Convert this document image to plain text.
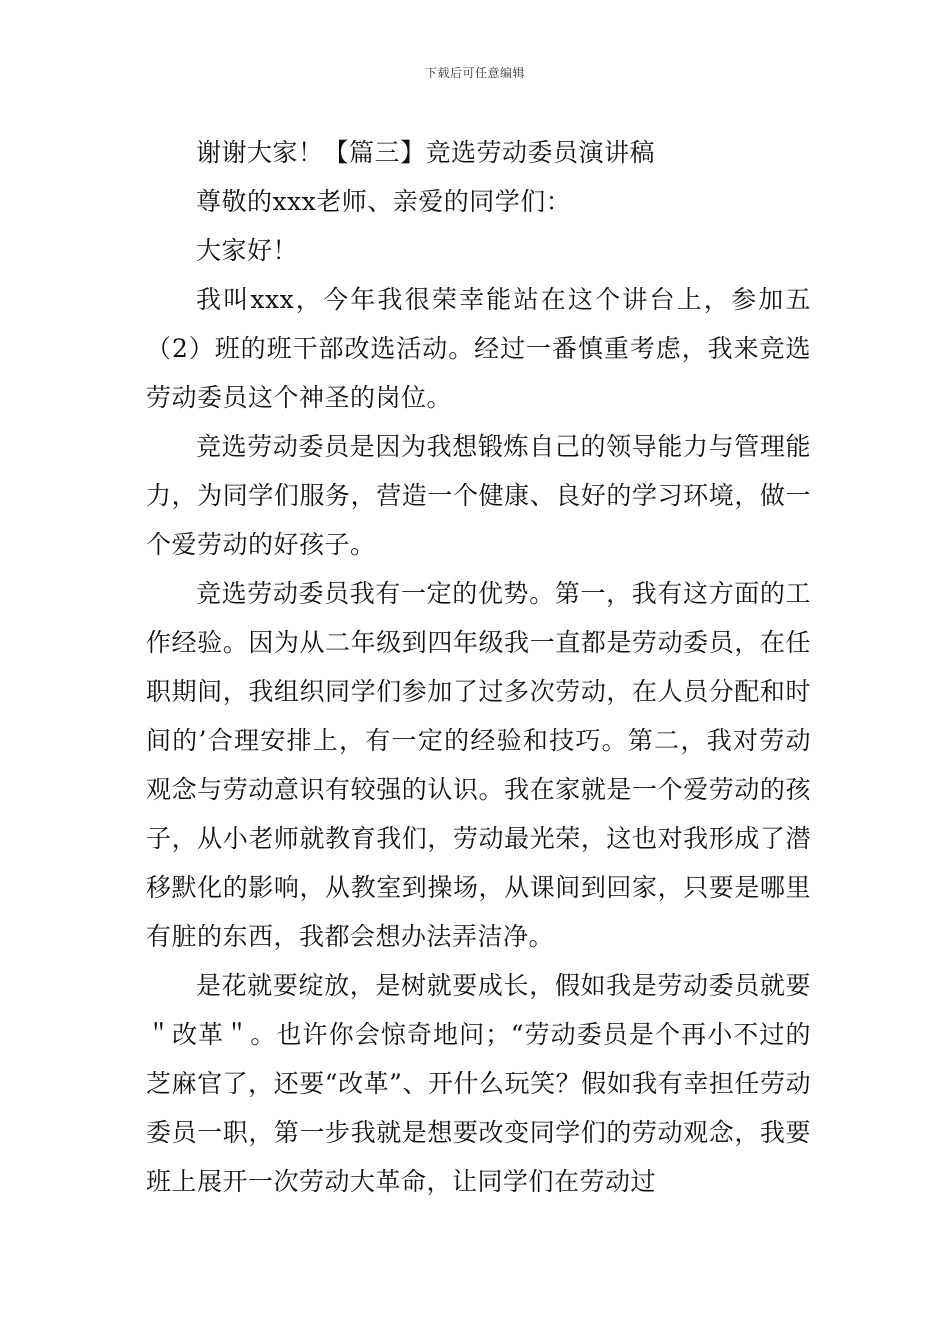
下载后可任意编辑

谢谢大家！【篇三】竞选劳动委员演讲稿

尊敬的xxx老师、亲爱的同学们：

大家好！

我叫xxx，今年我很荣幸能站在这个讲台上，参加五（2）班的班干部改选活动。经过一番慎重考虑，我来竞选劳动委员这个神圣的岗位。

竞选劳动委员是因为我想锻炼自己的领导能力与管理能力，为同学们服务，营造一个健康、良好的学习环境，做一个爱劳动的好孩子。

竞选劳动委员我有一定的优势。第一，我有这方面的工作经验。因为从二年级到四年级我一直都是劳动委员，在任职期间，我组织同学们参加了过多次劳动，在人员分配和时间的’合理安排上，有一定的经验和技巧。第二，我对劳动观念与劳动意识有较强的认识。我在家就是一个爱劳动的孩子，从小老师就教育我们，劳动最光荣，这也对我形成了潜移默化的影响，从教室到操场，从课间到回家，只要是哪里有脏的东西，我都会想办法弄洁净。

是花就要绽放，是树就要成长，假如我是劳动委员就要＂改革＂。也许你会惊奇地问；“劳动委员是个再小不过的芝麻官了，还要“改革”、开什么玩笑？假如我有幸担任劳动委员一职，第一步我就是想要改变同学们的劳动观念，我要班上展开一次劳动大革命，让同学们在劳动过
